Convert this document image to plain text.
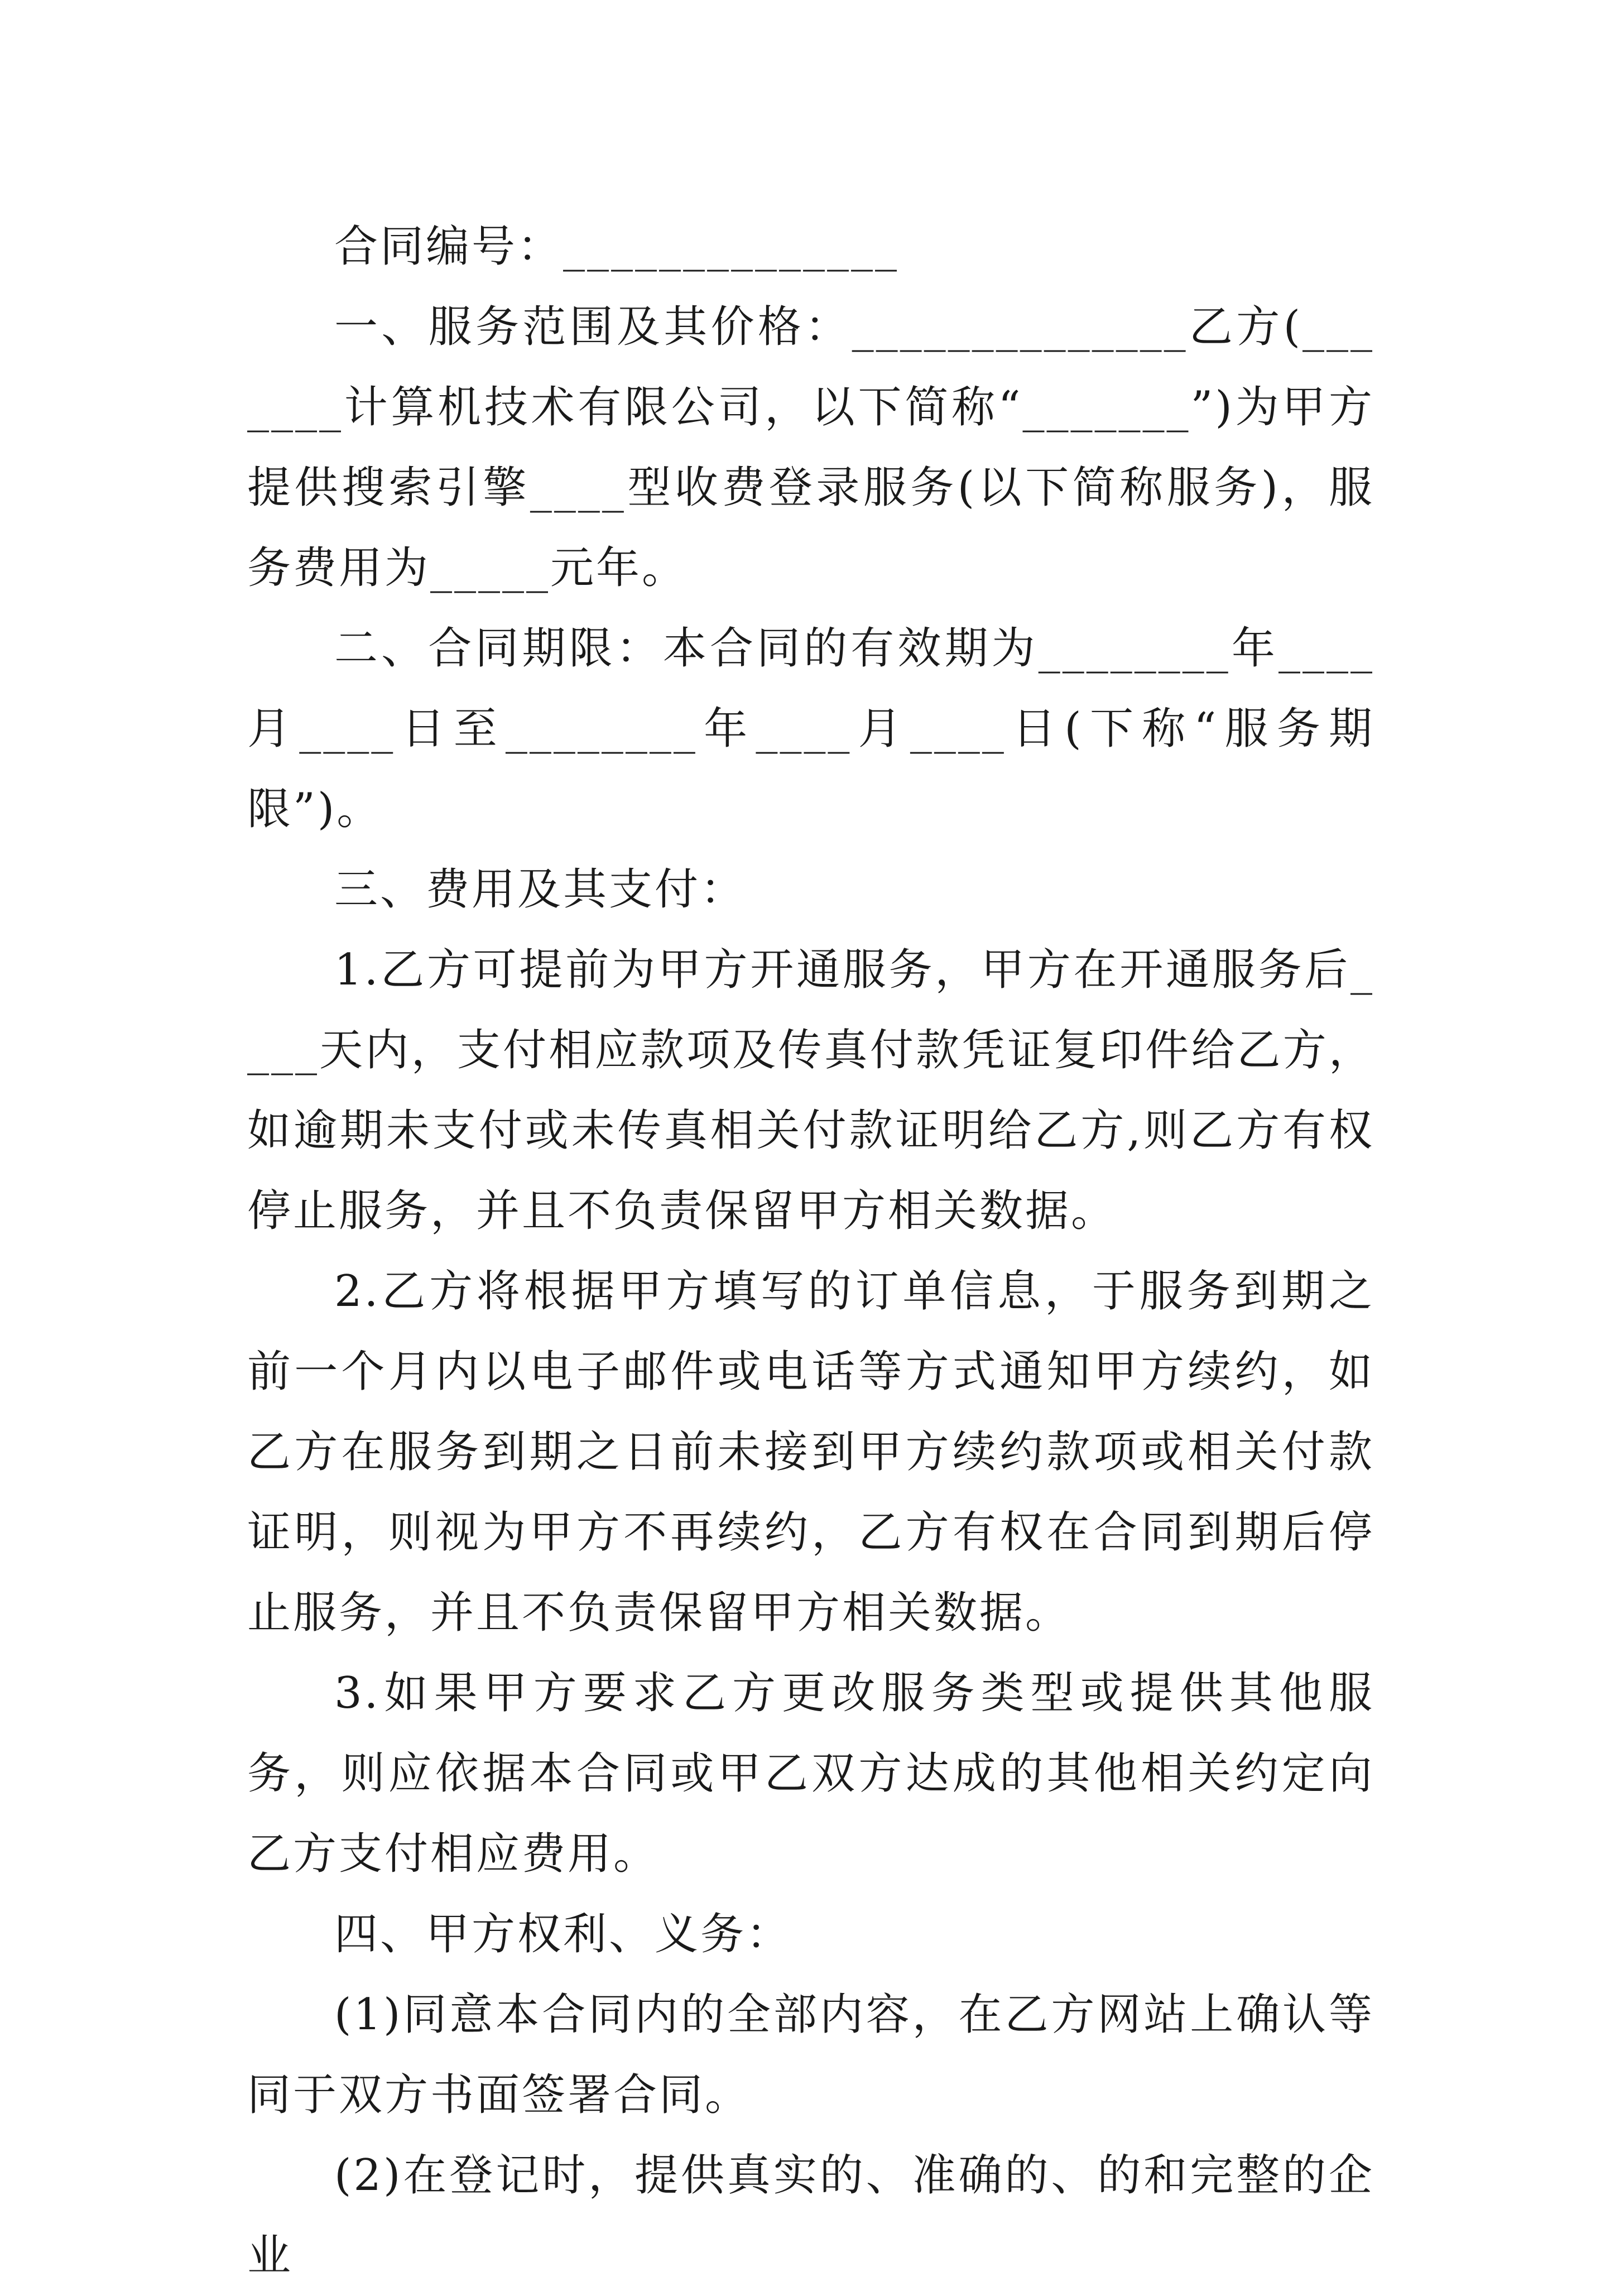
合同编号：______________

一、服务范围及其价格：______________乙方(_______计算机技术有限公司，以下简称“_______”)为甲方提供搜索引擎____型收费登录服务(以下简称服务)，服务费用为_____元年。

二、合同期限：本合同的有效期为________年____月____日至________年____月____日(下称“服务期限”)。

三、费用及其支付：

1.乙方可提前为甲方开通服务，甲方在开通服务后____天内，支付相应款项及传真付款凭证复印件给乙方，如逾期未支付或未传真相关付款证明给乙方,则乙方有权停止服务，并且不负责保留甲方相关数据。

2.乙方将根据甲方填写的订单信息，于服务到期之前一个月内以电子邮件或电话等方式通知甲方续约，如乙方在服务到期之日前未接到甲方续约款项或相关付款证明，则视为甲方不再续约，乙方有权在合同到期后停止服务，并且不负责保留甲方相关数据。

3.如果甲方要求乙方更改服务类型或提供其他服务，则应依据本合同或甲乙双方达成的其他相关约定向乙方支付相应费用。

四、甲方权利、义务：

(1)同意本合同内的全部内容，在乙方网站上确认等同于双方书面签署合同。

(2)在登记时，提供真实的、准确的、的和完整的企业
